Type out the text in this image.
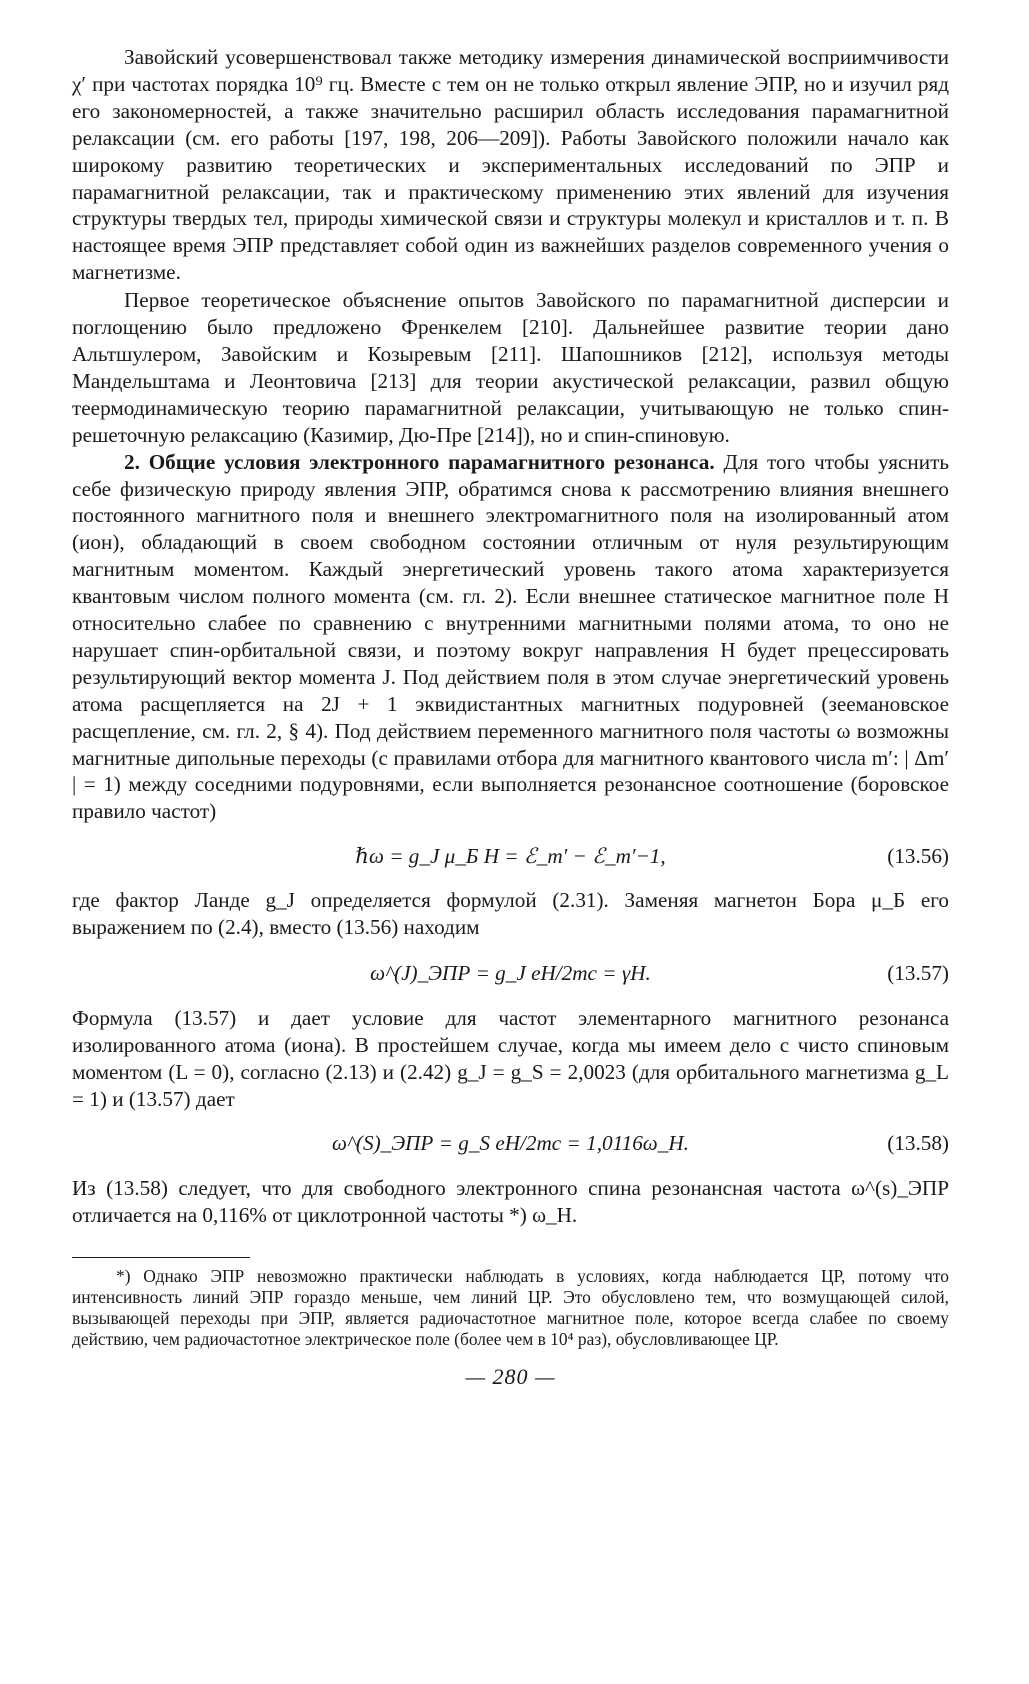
Завойский усовершенствовал также методику измерения динамической восприимчивости χ′ при частотах порядка 10⁹ гц. Вместе с тем он не только открыл явление ЭПР, но и изучил ряд его закономерностей, а также значительно расширил область исследования парамагнитной релаксации (см. его работы [197, 198, 206—209]). Работы Завойского положили начало как широкому развитию теоретических и экспериментальных исследований по ЭПР и парамагнитной релаксации, так и практическому применению этих явлений для изучения структуры твердых тел, природы химической связи и структуры молекул и кристаллов и т. п. В настоящее время ЭПР представляет собой один из важнейших разделов современного учения о магнетизме.

Первое теоретическое объяснение опытов Завойского по парамагнитной дисперсии и поглощению было предложено Френкелем [210]. Дальнейшее развитие теории дано Альтшулером, Завойским и Козыревым [211]. Шапошников [212], используя методы Мандельштама и Леонтовича [213] для теории акустической релаксации, развил общую теермодинамическую теорию парамагнитной релаксации, учитывающую не только спин-решеточную релаксацию (Казимир, Дю-Пре [214]), но и спин-спиновую.

2. Общие условия электронного парамагнитного резонанса. Для того чтобы уяснить себе физическую природу явления ЭПР, обратимся снова к рассмотрению влияния внешнего постоянного магнитного поля и внешнего электромагнитного поля на изолированный атом (ион), обладающий в своем свободном состоянии отличным от нуля результирующим магнитным моментом. Каждый энергетический уровень такого атома характеризуется квантовым числом полного момента (см. гл. 2). Если внешнее статическое магнитное поле H относительно слабее по сравнению с внутренними магнитными полями атома, то оно не нарушает спин-орбитальной связи, и поэтому вокруг направления H будет прецессировать результирующий вектор момента J. Под действием поля в этом случае энергетический уровень атома расщепляется на 2J + 1 эквидистантных магнитных подуровней (зеемановское расщепление, см. гл. 2, § 4). Под действием переменного магнитного поля частоты ω возможны магнитные дипольные переходы (с правилами отбора для магнитного квантового числа m′: | Δm′ | = 1) между соседними подуровнями, если выполняется резонансное соотношение (боровское правило частот)

ℏω = g_J μ_Б H = ℰ_m′ − ℰ_m′−1,	(13.56)

где фактор Ланде g_J определяется формулой (2.31). Заменяя магнетон Бора μ_Б его выражением по (2.4), вместо (13.56) находим

ω^(J)_ЭПР = g_J eH/2mc = γH.	(13.57)

Формула (13.57) и дает условие для частот элементарного магнитного резонанса изолированного атома (иона). В простейшем случае, когда мы имеем дело с чисто спиновым моментом (L = 0), согласно (2.13) и (2.42) g_J = g_S = 2,0023 (для орбитального магнетизма g_L = 1) и (13.57) дает

ω^(S)_ЭПР = g_S eH/2mc = 1,0116ω_H.	(13.58)

Из (13.58) следует, что для свободного электронного спина резонансная частота ω^(s)_ЭПР отличается на 0,116% от циклотронной частоты *) ω_H.

*) Однако ЭПР невозможно практически наблюдать в условиях, когда наблюдается ЦР, потому что интенсивность линий ЭПР гораздо меньше, чем линий ЦР. Это обусловлено тем, что возмущающей силой, вызывающей переходы при ЭПР, является радиочастотное магнитное поле, которое всегда слабее по своему действию, чем радиочастотное электрическое поле (более чем в 10⁴ раз), обусловливающее ЦР.

— 280 —
